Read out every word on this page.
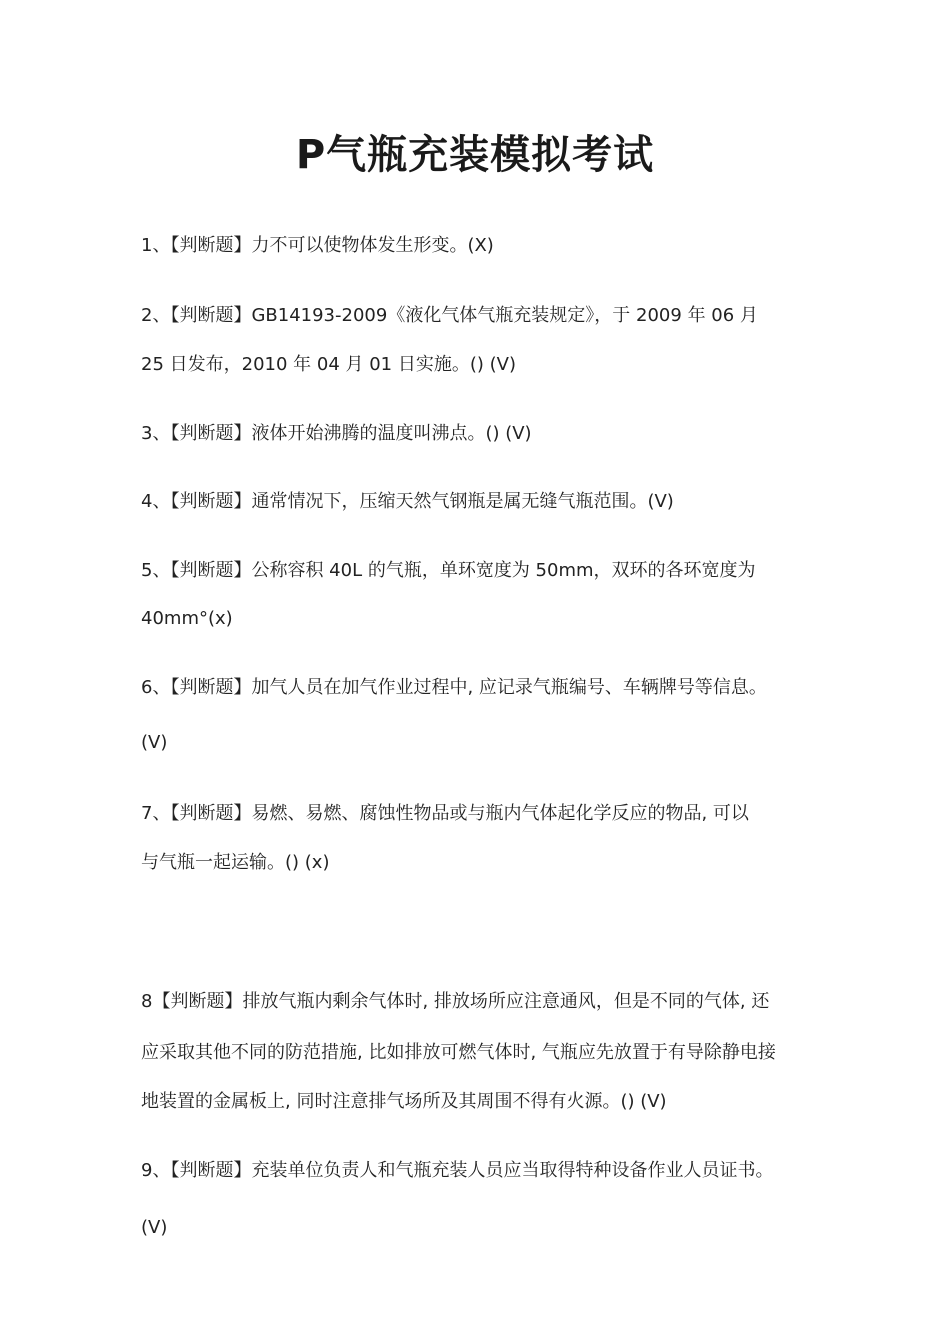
P气瓶充装模拟考试
1、【判断题】力不可以使物体发生形变。(X)
2、【判断题】GB14193-2009《液化气体气瓶充装规定》，于 2009 年 06 月
25 日发布，2010 年 04 月 01 日实施。() (V)
3、【判断题】液体开始沸腾的温度叫沸点。() (V)
4、【判断题】通常情况下，压缩天然气钢瓶是属无缝气瓶范围。(V)
5、【判断题】公称容积 40L 的气瓶，单环宽度为 50mm，双环的各环宽度为
40mm°(x)
6、【判断题】加气人员在加气作业过程中, 应记录气瓶编号、车辆牌号等信息。
(V)
7、【判断题】易燃、易燃、腐蚀性物品或与瓶内气体起化学反应的物品, 可以
与气瓶一起运输。() (x)
8【判断题】排放气瓶内剩余气体时, 排放场所应注意通风，但是不同的气体, 还
应采取其他不同的防范措施, 比如排放可燃气体时, 气瓶应先放置于有导除静电接
地装置的金属板上, 同时注意排气场所及其周围不得有火源。() (V)
9、【判断题】充装单位负责人和气瓶充装人员应当取得特种设备作业人员证书。
(V)
